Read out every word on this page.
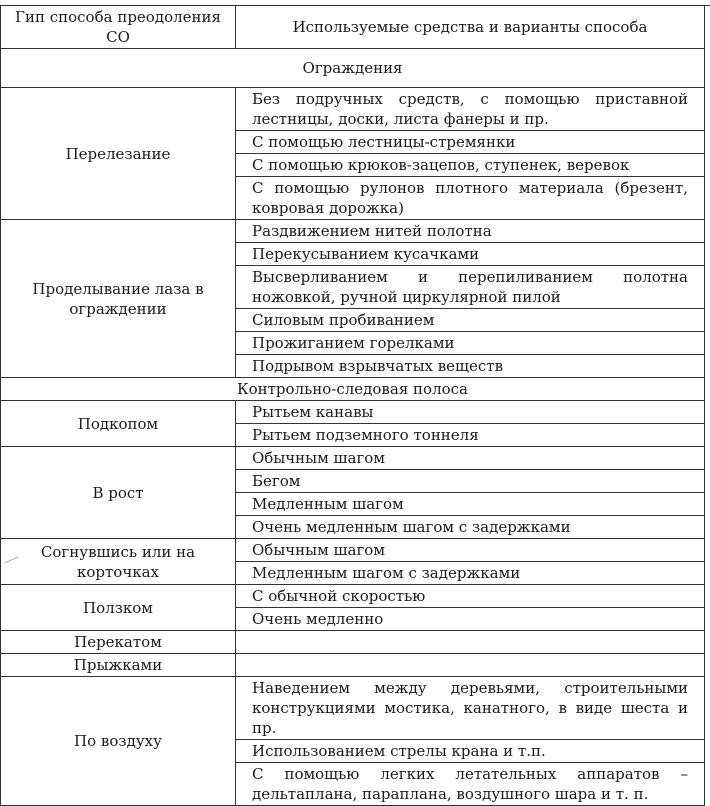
Гип способа преодоления СО	Используемые средства и варианты способа
Ограждения	
Перелезание	Без подручных средств, с помощью приставной лестницы, доски, листа фанеры и пр.
	С помощью лестницы-стремянки
	С помощью крюков-зацепов, ступенек, веревок
	С помощью рулонов плотного материала (брезент, ковровая дорожка)
Проделывание лаза в ограждении	Раздвижением нитей полотна
	Перекусыванием кусачками
	Высверливанием и перепиливанием полотна ножовкой, ручной циркулярной пилой
	Силовым пробиванием
	Прожиганием горелками
	Подрывом взрывчатых веществ
Контрольно-следовая полоса	
Подкопом	Рытьем канавы
	Рытьем подземного тоннеля
В рост	Обычным шагом
	Бегом
	Медленным шагом
	Очень медленным шагом с задержками
Согнувшись или на корточках	Обычным шагом
	Медленным шагом с задержками
Ползком	С обычной скоростью
	Очень медленно
Перекатом	
Прыжками	
По воздуху	Наведением между деревьями, строительными конструкциями мостика, канатного, в виде шеста и пр.
	Использованием стрелы крана и т.п.
	С помощью легких летательных аппаратов – дельтаплана, параплана, воздушного шара и т. п.
